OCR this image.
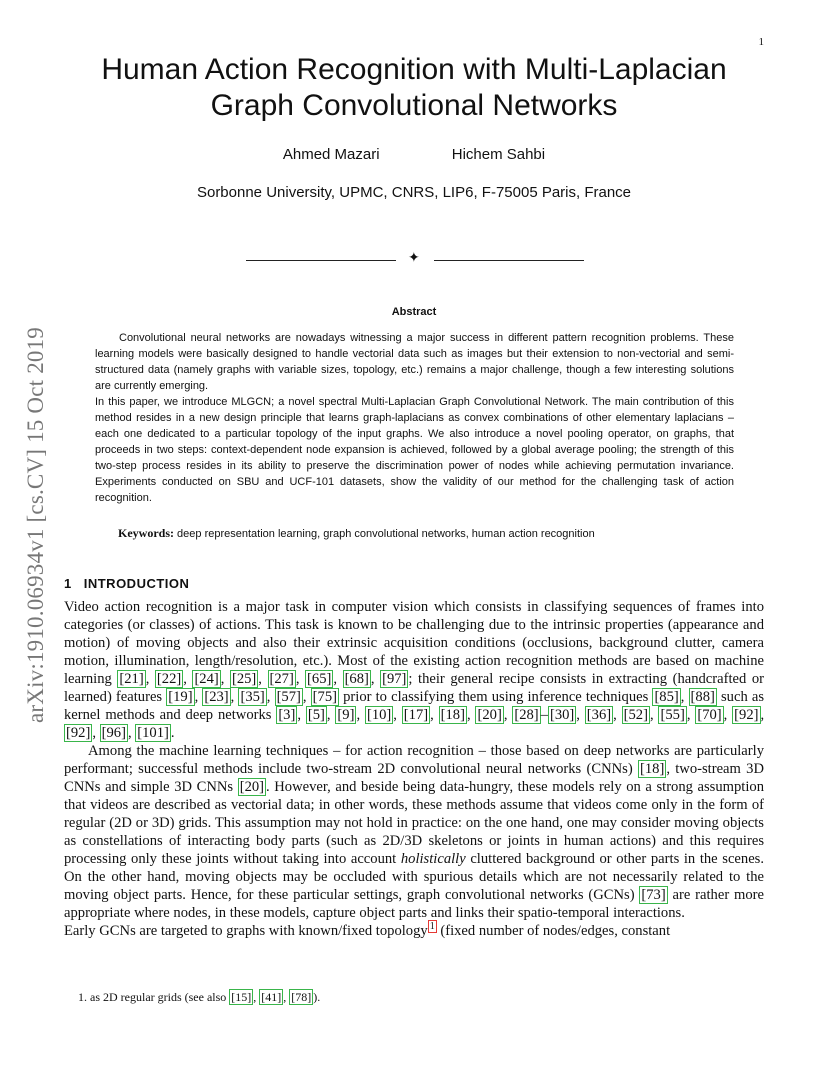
1
arXiv:1910.06934v1 [cs.CV] 15 Oct 2019
Human Action Recognition with Multi-Laplacian Graph Convolutional Networks
Ahmed Mazari	Hichem Sahbi
Sorbonne University, UPMC, CNRS, LIP6, F-75005 Paris, France
✦
Abstract

Convolutional neural networks are nowadays witnessing a major success in different pattern recognition problems. These learning models were basically designed to handle vectorial data such as images but their extension to non-vectorial and semi-structured data (namely graphs with variable sizes, topology, etc.) remains a major challenge, though a few interesting solutions are currently emerging.

In this paper, we introduce MLGCN; a novel spectral Multi-Laplacian Graph Convolutional Network. The main contribution of this method resides in a new design principle that learns graph-laplacians as convex combinations of other elementary laplacians – each one dedicated to a particular topology of the input graphs. We also introduce a novel pooling operator, on graphs, that proceeds in two steps: context-dependent node expansion is achieved, followed by a global average pooling; the strength of this two-step process resides in its ability to preserve the discrimination power of nodes while achieving permutation invariance. Experiments conducted on SBU and UCF-101 datasets, show the validity of our method for the challenging task of action recognition.

Keywords: deep representation learning, graph convolutional networks, human action recognition
1 INTRODUCTION

Video action recognition is a major task in computer vision which consists in classifying sequences of frames into categories (or classes) of actions. This task is known to be challenging due to the intrinsic properties (appearance and motion) of moving objects and also their extrinsic acquisition conditions (occlusions, background clutter, camera motion, illumination, length/resolution, etc.). Most of the existing action recognition methods are based on machine learning [21] , [22] , [24] , [25] , [27] , [65] , [68] , [97] ; their general recipe consists in extracting (handcrafted or learned) features [19] , [23] , [35] , [57] , [75] prior to classifying them using inference techniques [85] , [88] such as kernel methods and deep networks [3] , [5] , [9] , [10] , [17] , [18] , [20] , [28] – [30] , [36] , [52] , [55] , [70] , [92] , [92] , [96] , [101] .

Among the machine learning techniques – for action recognition – those based on deep networks are particularly performant; successful methods include two-stream 2D convolutional neural networks (CNNs) [18] , two-stream 3D CNNs and simple 3D CNNs [20] . However, and beside being data-hungry, these models rely on a strong assumption that videos are described as vectorial data; in other words, these methods assume that videos come only in the form of regular (2D or 3D) grids. This assumption may not hold in practice: on the one hand, one may consider moving objects as constellations of interacting body parts (such as 2D/3D skeletons or joints in human actions) and this requires processing only these joints without taking into account holistically cluttered background or other parts in the scenes. On the other hand, moving objects may be occluded with spurious details which are not necessarily related to the moving object parts. Hence, for these particular settings, graph convolutional networks (GCNs) [73] are rather more appropriate where nodes, in these models, capture object parts and links their spatio-temporal interactions.

Early GCNs are targeted to graphs with known/fixed topology $^1$ (fixed number of nodes/edges, constant

1. as 2D regular grids (see also [15] , [41] , [78] ).
